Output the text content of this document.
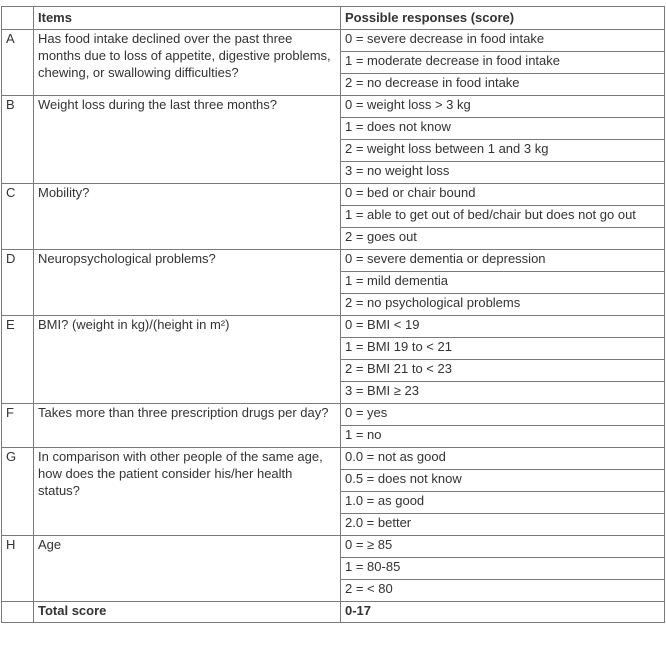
	Items	Possible responses (score)
A	Has food intake declined over the past three months due to loss of appetite, digestive problems, chewing, or swallowing difficulties?	0 = severe decrease in food intake
		1 = moderate decrease in food intake
		2 = no decrease in food intake
B	Weight loss during the last three months?	0 = weight loss > 3 kg
		1 = does not know
		2 = weight loss between 1 and 3 kg
		3 = no weight loss
C	Mobility?	0 = bed or chair bound
		1 = able to get out of bed/chair but does not go out
		2 = goes out
D	Neuropsychological problems?	0 = severe dementia or depression
		1 = mild dementia
		2 = no psychological problems
E	BMI? (weight in kg)/(height in m²)	0 = BMI < 19
		1 = BMI 19 to < 21
		2 = BMI 21 to < 23
		3 = BMI ≥ 23
F	Takes more than three prescription drugs per day?	0 = yes
		1 = no
G	In comparison with other people of the same age, how does the patient consider his/her health status?	0.0 = not as good
		0.5 = does not know
		1.0 = as good
		2.0 = better
H	Age	0 = ≥ 85
		1 = 80-85
		2 = < 80
	Total score	0-17
